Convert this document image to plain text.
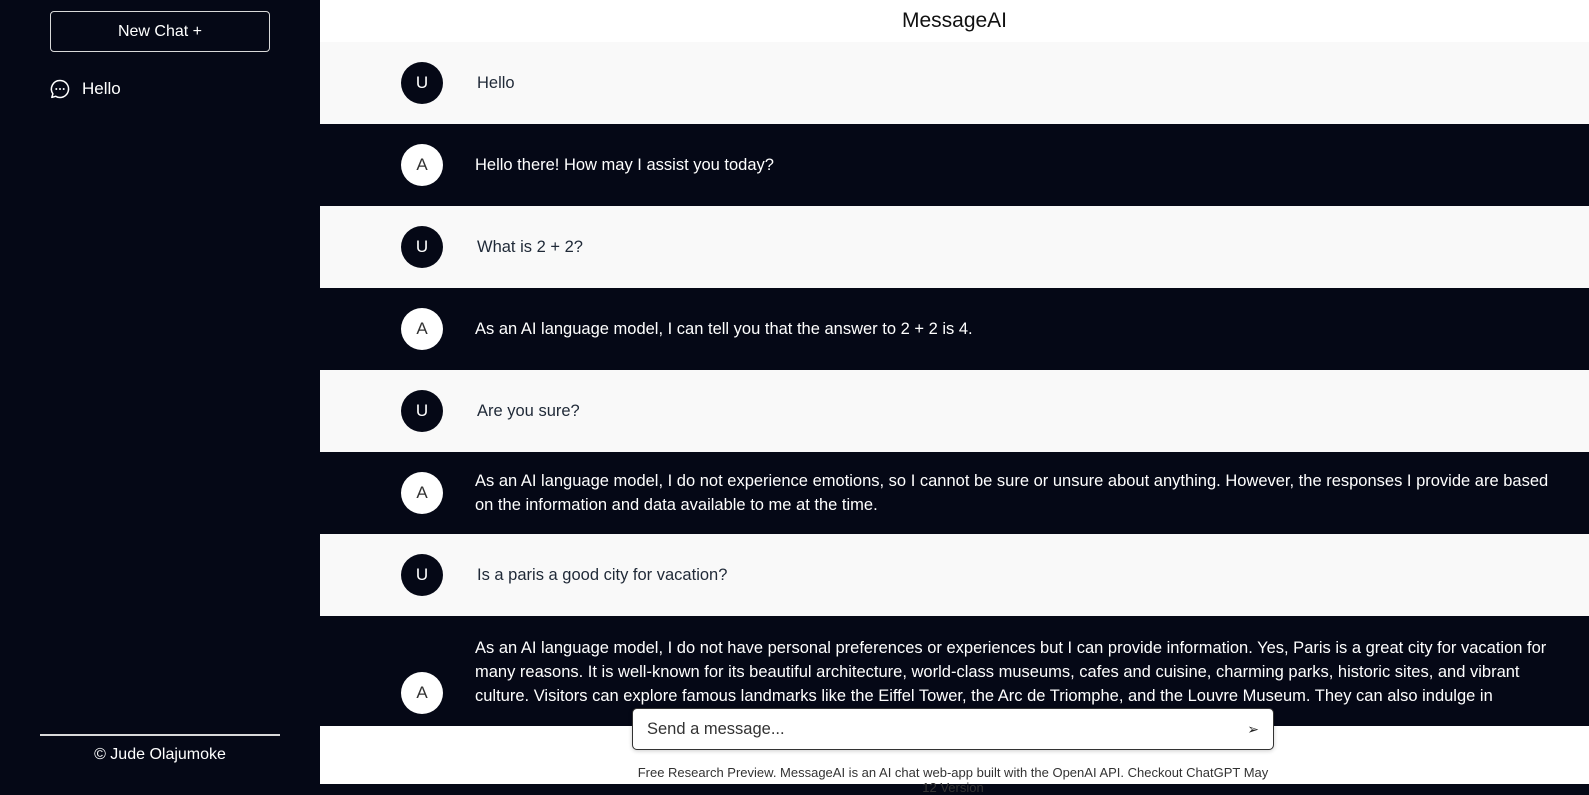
New Chat +
Hello
© Jude Olajumoke
MessageAI
U	Hello
A	Hello there! How may I assist you today?
U	What is 2 + 2?
A	As an AI language model, I can tell you that the answer to 2 + 2 is 4.
U	Are you sure?
A
As an AI language model, I do not experience emotions, so I cannot be sure or unsure about anything. However, the responses I provide are based on the information and data available to me at the time.
U	Is a paris a good city for vacation?
A
As an AI language model, I do not have personal preferences or experiences but I can provide information. Yes, Paris is a great city for vacation for many reasons. It is well-known for its beautiful architecture, world-class museums, cafes and cuisine, charming parks, historic sites, and vibrant culture. Visitors can explore famous landmarks like the Eiffel Tower, the Arc de Triomphe, and the Louvre Museum. They can also indulge in
Send a message...
➢
Free Research Preview. MessageAI is an AI chat web-app built with the OpenAI API. Checkout ChatGPT May 12 Version
